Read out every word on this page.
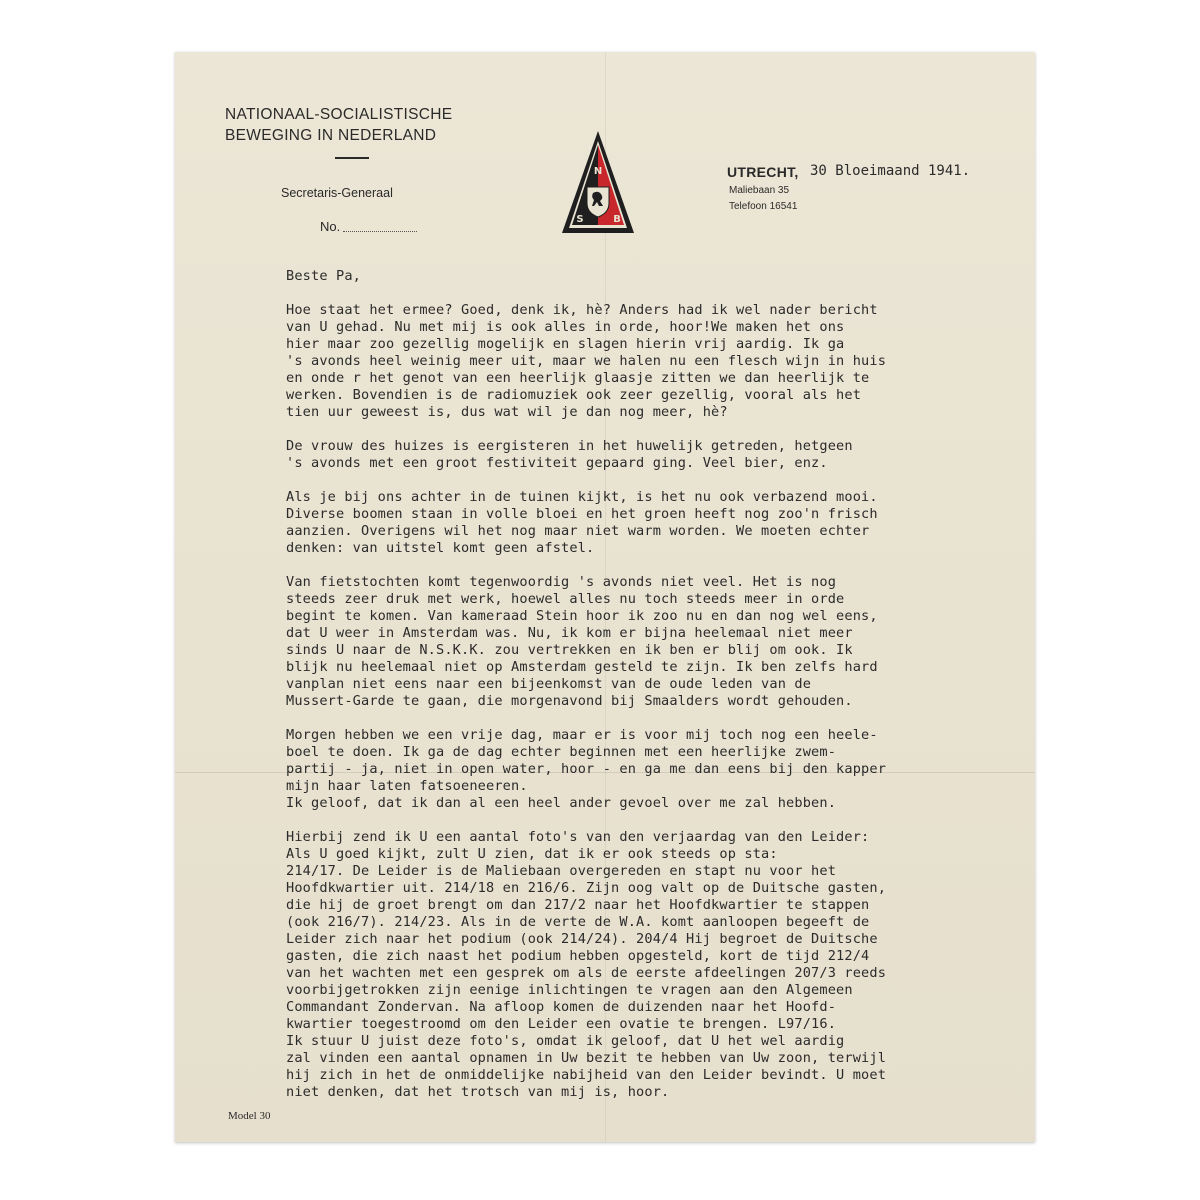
NATIONAAL-SOCIALISTISCHE
BEWEGING IN NEDERLAND
Secretaris-Generaal
No.
N
S	B
UTRECHT, 30 Bloeimaand 1941.
Maliebaan 35
Telefoon 16541
Beste Pa,
Hoe staat het ermee? Goed, denk ik, hè? Anders had ik wel nader bericht
van U gehad. Nu met mij is ook alles in orde, hoor!We maken het ons
hier maar zoo gezellig mogelijk en slagen hierin vrij aardig. Ik ga
's avonds heel weinig meer uit, maar we halen nu een flesch wijn in huis
en onde r het genot van een heerlijk glaasje zitten we dan heerlijk te
werken. Bovendien is de radiomuziek ook zeer gezellig, vooral als het
tien uur geweest is, dus wat wil je dan nog meer, hè?
De vrouw des huizes is eergisteren in het huwelijk getreden, hetgeen
's avonds met een groot festiviteit gepaard ging. Veel bier, enz.
Als je bij ons achter in de tuinen kijkt, is het nu ook verbazend mooi.
Diverse boomen staan in volle bloei en het groen heeft nog zoo'n frisch
aanzien. Overigens wil het nog maar niet warm worden. We moeten echter
denken: van uitstel komt geen afstel.
Van fietstochten komt tegenwoordig 's avonds niet veel. Het is nog
steeds zeer druk met werk, hoewel alles nu toch steeds meer in orde
begint te komen. Van kameraad Stein hoor ik zoo nu en dan nog wel eens,
dat U weer in Amsterdam was. Nu, ik kom er bijna heelemaal niet meer
sinds U naar de N.S.K.K. zou vertrekken en ik ben er blij om ook. Ik
blijk nu heelemaal niet op Amsterdam gesteld te zijn. Ik ben zelfs hard
vanplan niet eens naar een bijeenkomst van de oude leden van de
Mussert-Garde te gaan, die morgenavond bij Smaalders wordt gehouden.
Morgen hebben we een vrije dag, maar er is voor mij toch nog een heele-
boel te doen. Ik ga de dag echter beginnen met een heerlijke zwem-
partij - ja, niet in open water, hoor - en ga me dan eens bij den kapper
mijn haar laten fatsoeneeren.
Ik geloof, dat ik dan al een heel ander gevoel over me zal hebben.
Hierbij zend ik U een aantal foto's van den verjaardag van den Leider:
Als U goed kijkt, zult U zien, dat ik er ook steeds op sta:
214/17. De Leider is de Maliebaan overgereden en stapt nu voor het
Hoofdkwartier uit. 214/18 en 216/6. Zijn oog valt op de Duitsche gasten,
die hij de groet brengt om dan 217/2 naar het Hoofdkwartier te stappen
(ook 216/7). 214/23. Als in de verte de W.A. komt aanloopen begeeft de
Leider zich naar het podium (ook 214/24). 204/4 Hij begroet de Duitsche
gasten, die zich naast het podium hebben opgesteld, kort de tijd 212/4
van het wachten met een gesprek om als de eerste afdeelingen 207/3 reeds
voorbijgetrokken zijn eenige inlichtingen te vragen aan den Algemeen
Commandant Zondervan. Na afloop komen de duizenden naar het Hoofd-
kwartier toegestroomd om den Leider een ovatie te brengen. L97/16.
Ik stuur U juist deze foto's, omdat ik geloof, dat U het wel aardig
zal vinden een aantal opnamen in Uw bezit te hebben van Uw zoon, terwijl
hij zich in het de onmiddelijke nabijheid van den Leider bevindt. U moet
niet denken, dat het trotsch van mij is, hoor.
Model 30
